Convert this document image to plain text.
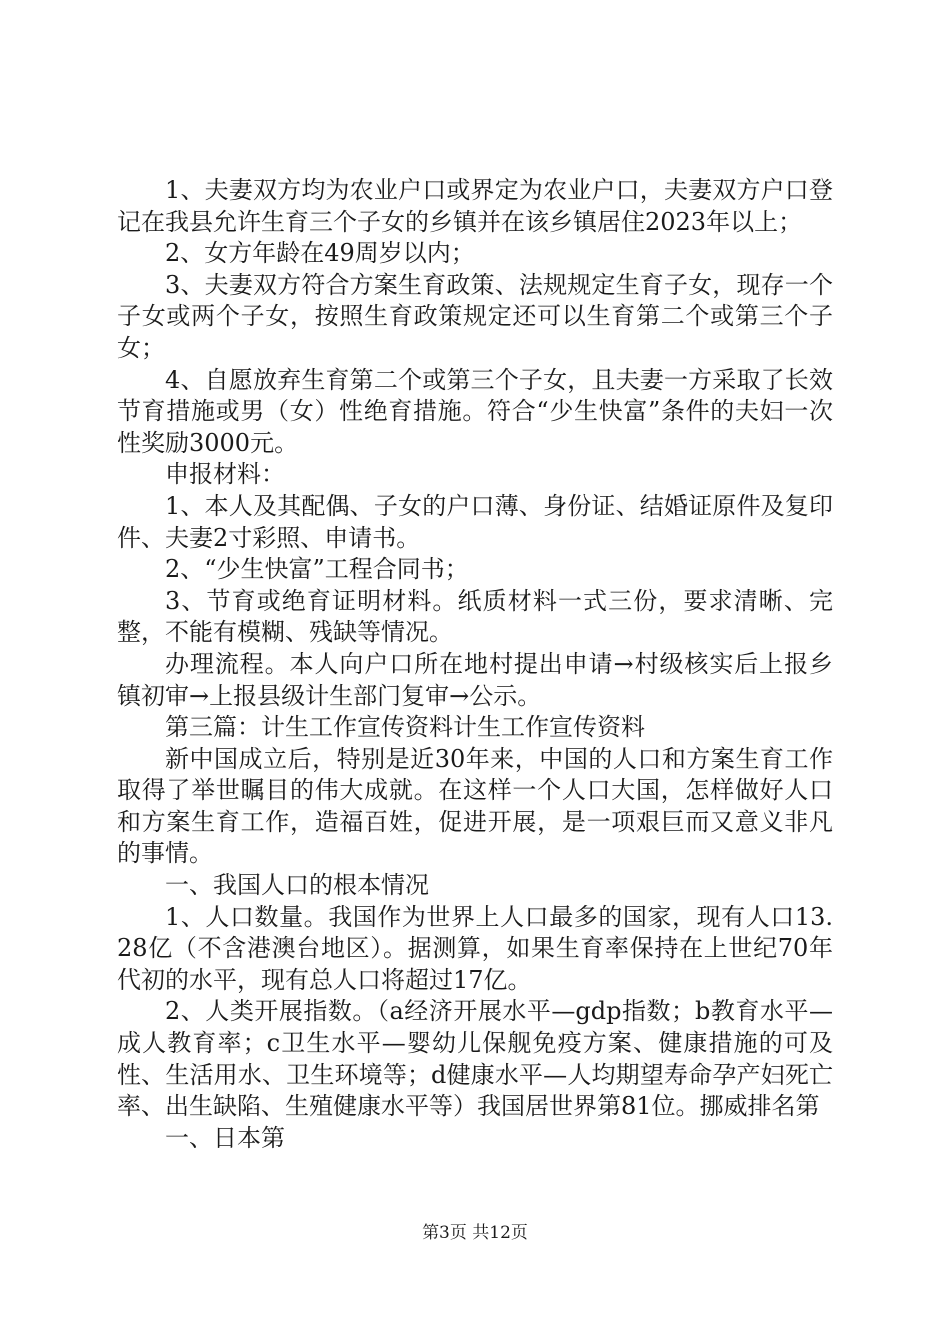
1、夫妻双方均为农业户口或界定为农业户口，夫妻双方户口登记在我县允许生育三个子女的乡镇并在该乡镇居住2023年以上；

2、女方年龄在49周岁以内；

3、夫妻双方符合方案生育政策、法规规定生育子女，现存一个子女或两个子女，按照生育政策规定还可以生育第二个或第三个子女；

4、自愿放弃生育第二个或第三个子女，且夫妻一方采取了长效节育措施或男（女）性绝育措施。符合“少生快富”条件的夫妇一次性奖励3000元。

申报材料：

1、本人及其配偶、子女的户口薄、身份证、结婚证原件及复印件、夫妻2寸彩照、申请书。

2、“少生快富”工程合同书；

3、节育或绝育证明材料。纸质材料一式三份，要求清晰、完整，不能有模糊、残缺等情况。

办理流程。本人向户口所在地村提出申请→村级核实后上报乡镇初审→上报县级计生部门复审→公示。

第三篇：计生工作宣传资料计生工作宣传资料

新中国成立后，特别是近30年来，中国的人口和方案生育工作取得了举世瞩目的伟大成就。在这样一个人口大国，怎样做好人口和方案生育工作，造福百姓，促进开展，是一项艰巨而又意义非凡的事情。

一、我国人口的根本情况

1、人口数量。我国作为世界上人口最多的国家，现有人口13.28亿（不含港澳台地区）。据测算，如果生育率保持在上世纪70年代初的水平，现有总人口将超过17亿。

2、人类开展指数。（a经济开展水平—gdp指数；b教育水平—成人教育率；c卫生水平—婴幼儿保舰免疫方案、健康措施的可及性、生活用水、卫生环境等；d健康水平—人均期望寿命孕产妇死亡率、出生缺陷、生殖健康水平等）我国居世界第81位。挪威排名第

一、日本第

第3页 共12页
